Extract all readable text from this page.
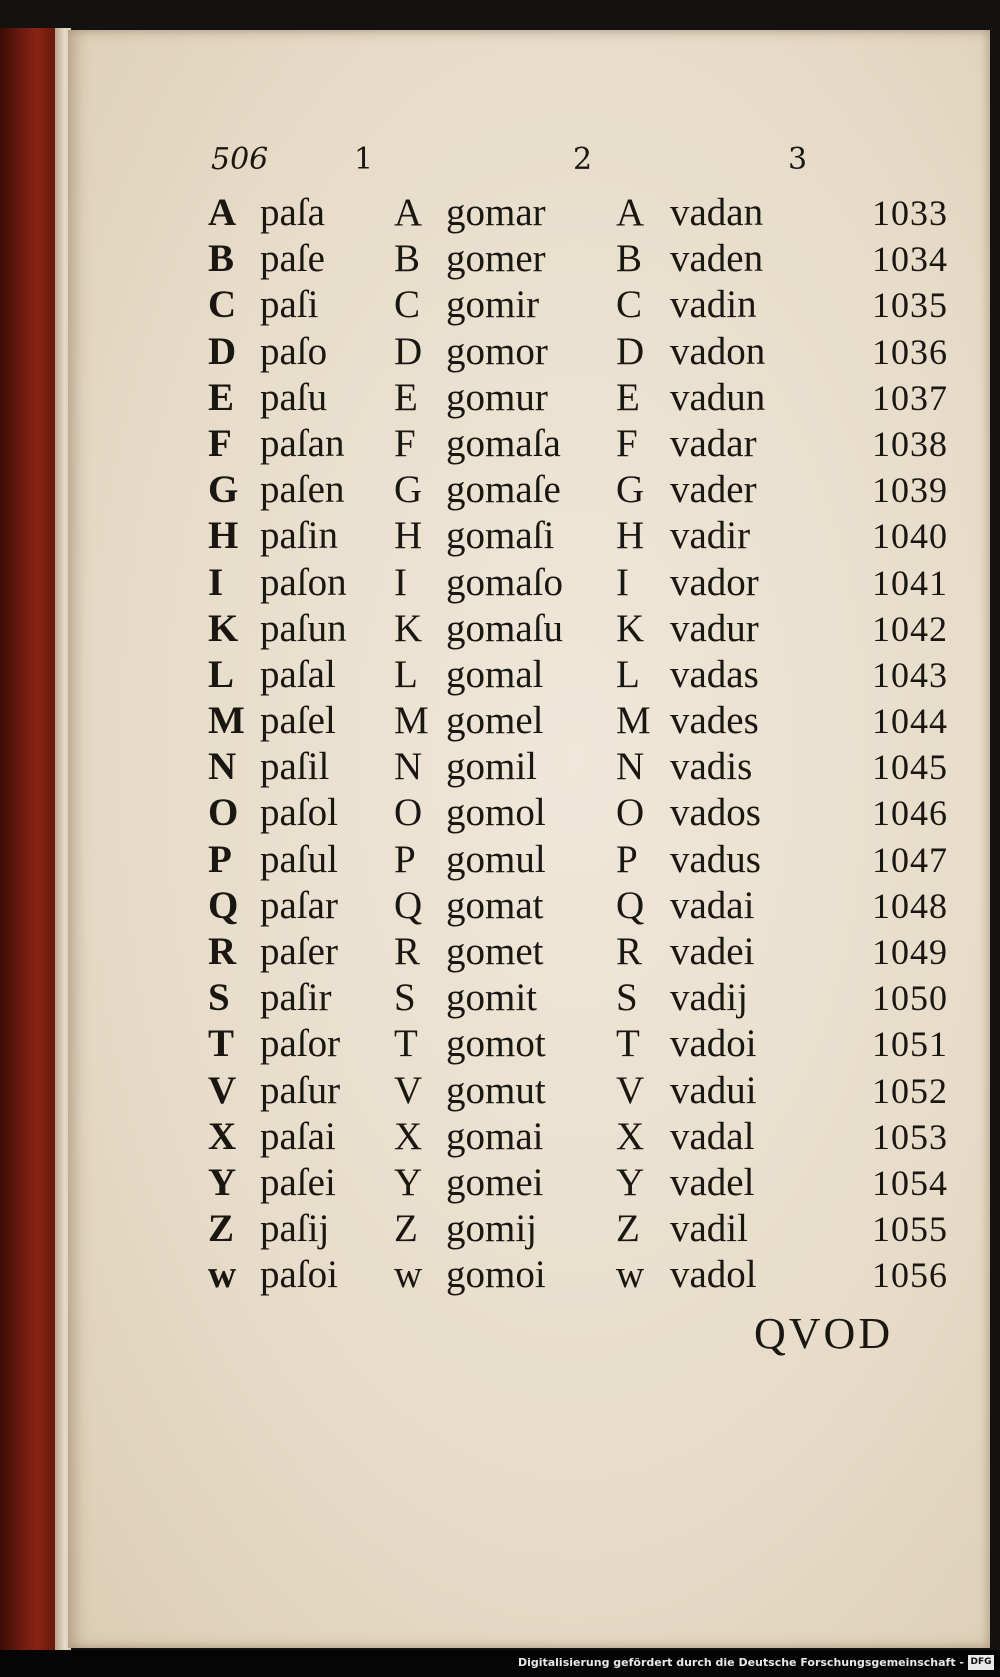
506	1	2	3
A paſa A gomar A vadan	1033
B paſe B gomer B vaden	1034
C paſi C gomir C vadin	1035
D paſo D gomor D vadon	1036
E paſu E gomur E vadun	1037
F paſan F gomaſa F vadar	1038
G paſen G gomaſe G vader	1039
H paſin H gomaſi H vadir	1040
I paſon I gomaſo I vador	1041
K paſun K gomaſu K vadur	1042
L paſal L gomal L vadas	1043
M paſel M gomel M vades	1044
N paſil N gomil N vadis	1045
O paſol O gomol O vados	1046
P paſul P gomul P vadus	1047
Q paſar Q gomat Q vadai	1048
R paſer R gomet R vadei	1049
S paſir S gomit S vadij	1050
T paſor T gomot T vadoi	1051
V paſur V gomut V vadui	1052
X paſai X gomai X vadal	1053
Y paſei Y gomei Y vadel	1054
Z paſij Z gomij Z vadil	1055
w paſoi w gomoi w vadol	1056
QVOD
Digitalisierung gefördert durch die Deutsche Forschungsgemeinschaft - DFG
